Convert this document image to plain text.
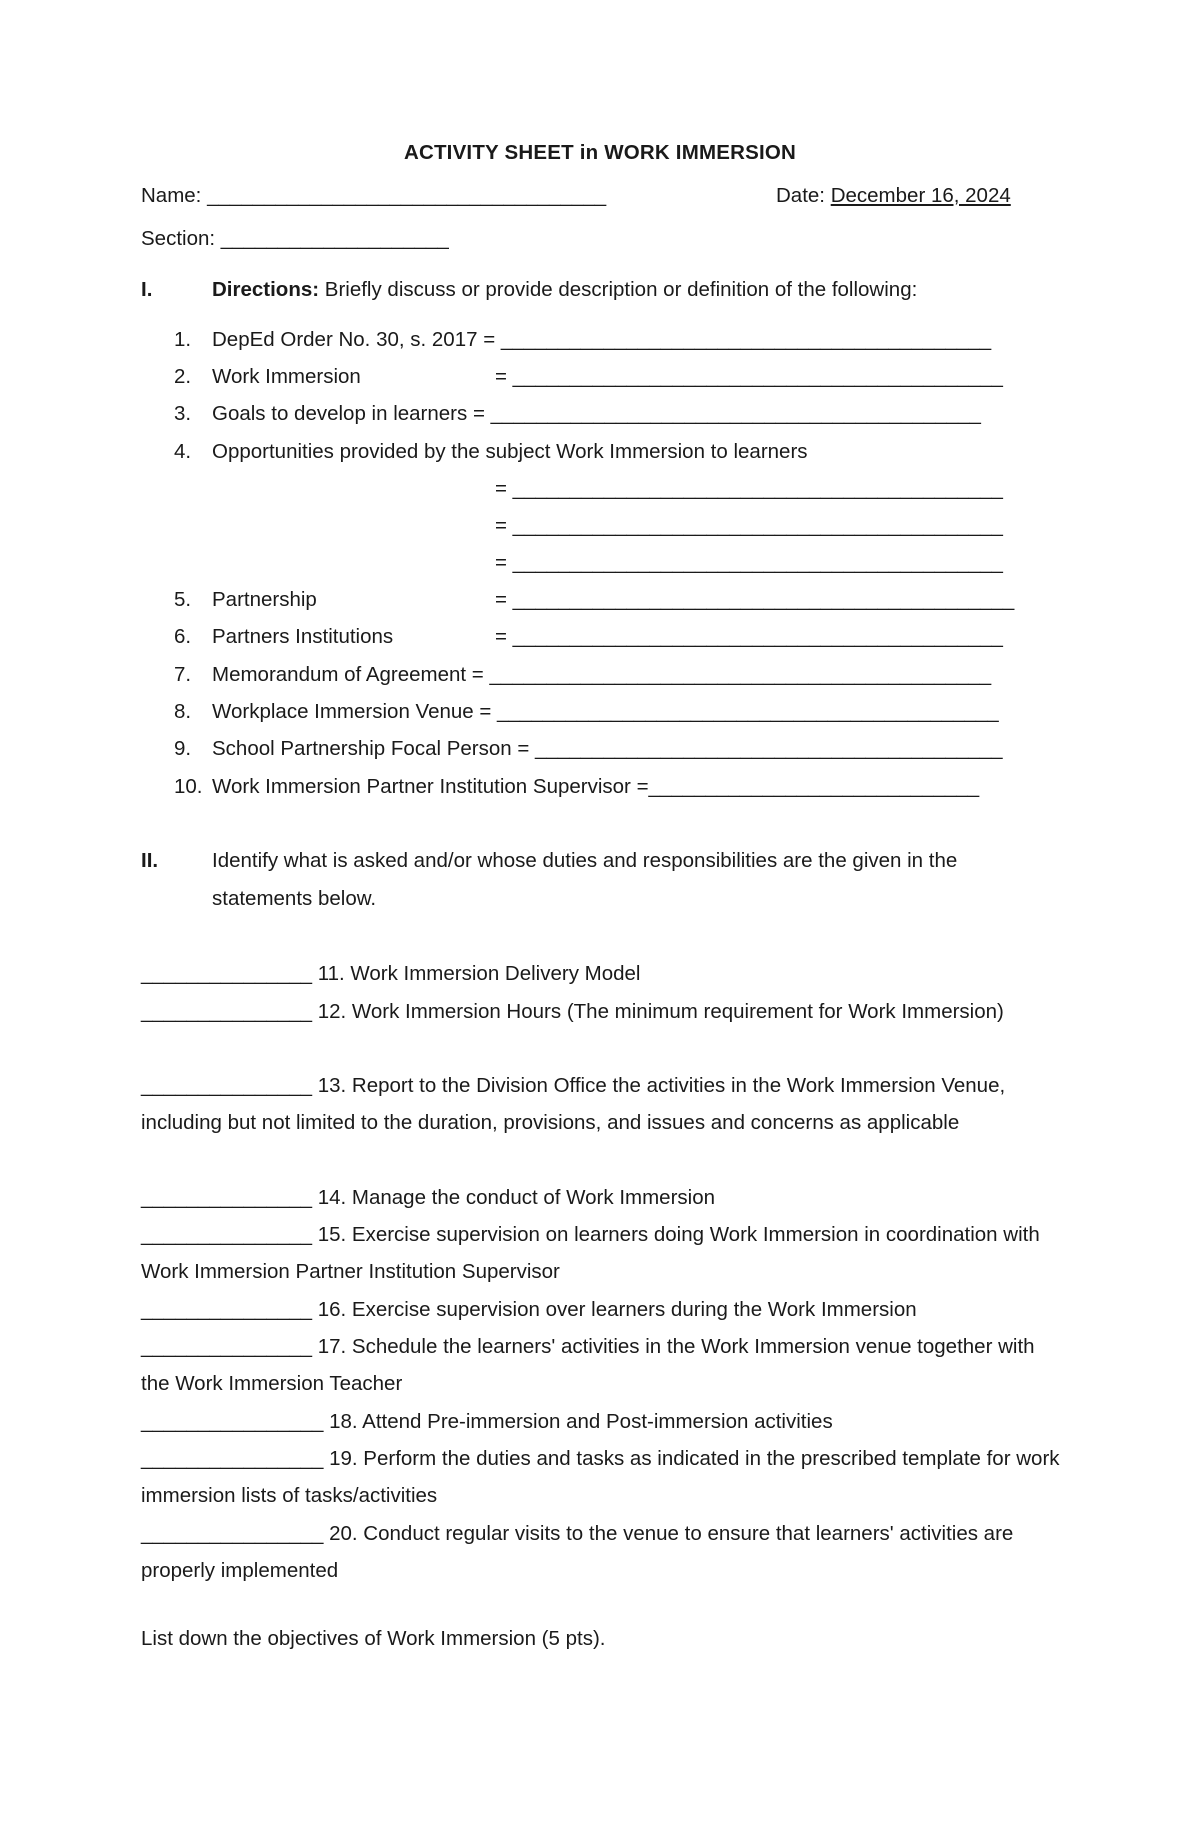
ACTIVITY SHEET in WORK IMMERSION
Name: ___________________________________	Date: December 16, 2024
Section: ____________________
I.	Directions: Briefly discuss or provide description or definition of the following:
1. DepEd Order No. 30, s. 2017 = ___________________________________________
2. Work Immersion	= ___________________________________________
3. Goals to develop in learners = ___________________________________________
4. Opportunities provided by the subject Work Immersion to learners
= ___________________________________________
= ___________________________________________
= ___________________________________________
5. Partnership	= ____________________________________________
6. Partners Institutions	= ___________________________________________
7. Memorandum of Agreement = ____________________________________________
8. Workplace Immersion Venue = ____________________________________________
9. School Partnership Focal Person = _________________________________________
10. Work Immersion Partner Institution Supervisor =_____________________________
II.	Identify what is asked and/or whose duties and responsibilities are the given in the
statements below.
_______________ 11. Work Immersion Delivery Model
_______________ 12. Work Immersion Hours (The minimum requirement for Work Immersion)
_______________ 13. Report to the Division Office the activities in the Work Immersion Venue, including but not limited to the duration, provisions, and issues and concerns as applicable
_______________ 14. Manage the conduct of Work Immersion
_______________ 15. Exercise supervision on learners doing Work Immersion in coordination with Work Immersion Partner Institution Supervisor
_______________ 16. Exercise supervision over learners during the Work Immersion
_______________ 17. Schedule the learners' activities in the Work Immersion venue together with the Work Immersion Teacher
________________ 18. Attend Pre-immersion and Post-immersion activities
________________ 19. Perform the duties and tasks as indicated in the prescribed template for work immersion lists of tasks/activities
________________ 20. Conduct regular visits to the venue to ensure that learners' activities are properly implemented
List down the objectives of Work Immersion (5 pts).
